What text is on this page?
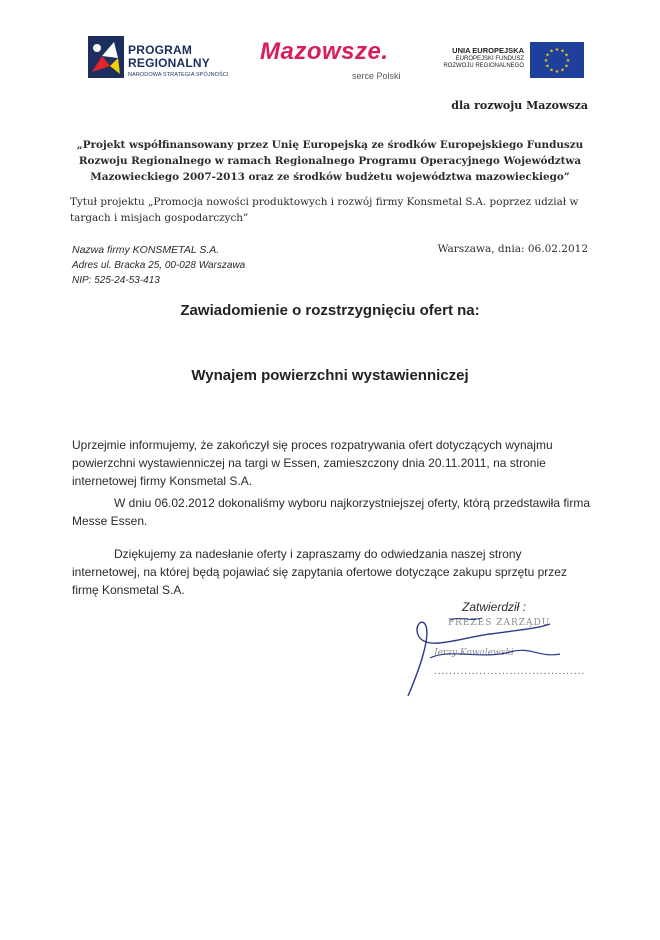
PROGRAM
REGIONALNY
NARODOWA STRATEGIA SPÓJNOŚCI
Mazowsze.
serce Polski
UNIA EUROPEJSKA
EUROPEJSKI FUNDUSZ
ROZWOJU REGIONALNEGO
★ ★
★
★
★
★
★
★
★
★
★
★
dla rozwoju Mazowsza
„Projekt współfinansowany przez Unię Europejską ze środków Europejskiego Funduszu Rozwoju Regionalnego w ramach Regionalnego Programu Operacyjnego Województwa Mazowieckiego 2007-2013 oraz ze środków budżetu województwa mazowieckiego”
Tytuł projektu „Promocja nowości produktowych i rozwój firmy Konsmetal S.A. poprzez udział w targach i misjach gospodarczych”
Nazwa firmy KONSMETAL S.A.
Adres ul. Bracka 25, 00-028 Warszawa
NIP: 525-24-53-413
Warszawa, dnia: 06.02.2012
Zawiadomienie o rozstrzygnięciu ofert na:
Wynajem powierzchni wystawienniczej
Uprzejmie informujemy, że zakończył się proces rozpatrywania ofert dotyczących wynajmu powierzchni wystawienniczej na targi w Essen, zamieszczony dnia 20.11.2011, na stronie internetowej firmy Konsmetal S.A.
W dniu 06.02.2012 dokonaliśmy wyboru najkorzystniejszej oferty, którą przedstawiła firma Messe Essen.
Dziękujemy za nadesłanie oferty i zapraszamy do odwiedzania naszej strony internetowej, na której będą pojawiać się zapytania ofertowe dotyczące zakupu sprzętu przez firmę Konsmetal S.A.
Zatwierdził :
PREZES ZARZĄDU
Jerzy Kowalewski
........................................
